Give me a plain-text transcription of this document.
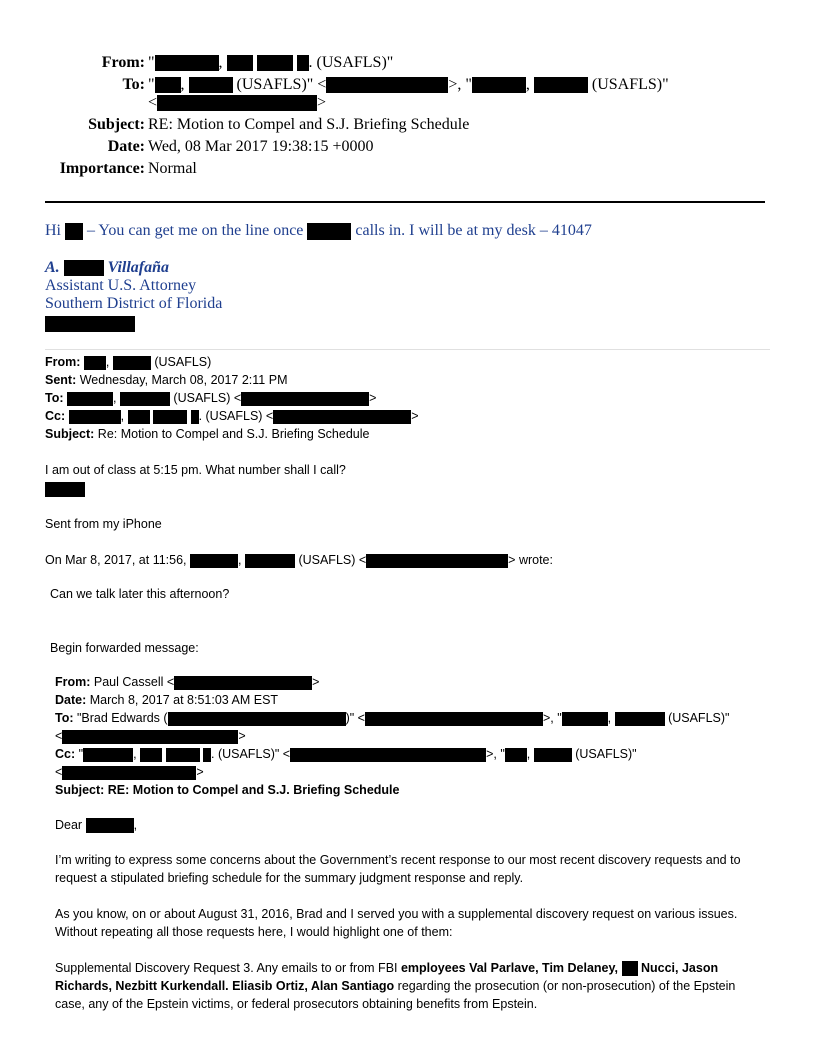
From: "	,	. (USAFLS)"
To: " ,	(USAFLS)" <	>, "	,	(USAFLS)"
<	>
Subject: RE: Motion to Compel and S.J. Briefing Schedule
Date: Wed, 08 Mar 2017 19:38:15 +0000
Importance: Normal
Hi  – You can get me on the line once	calls in. I will be at my desk – 41047
A.	Villafaña
Assistant U.S. Attorney
Southern District of Florida
From: ,	(USAFLS)
Sent: Wednesday, March 08, 2017 2:11 PM
To:	,	(USAFLS) <	>
Cc:	,	. (USAFLS) <	>
Subject: Re: Motion to Compel and S.J. Briefing Schedule
I am out of class at 5:15 pm. What number shall I call?
Sent from my iPhone
On Mar 8, 2017, at 11:56,	,	(USAFLS) <	> wrote:
Can we talk later this afternoon?
Begin forwarded message:
From: Paul Cassell <	>
Date: March 8, 2017 at 8:51:03 AM EST
To: "Brad Edwards (	)" <	>, "	,	(USAFLS)"
<	>
Cc: "	,	. (USAFLS)" <	>, " ,	(USAFLS)"
<	>
Subject: RE: Motion to Compel and S.J. Briefing Schedule
Dear	,
I’m writing to express some concerns about the Government’s recent response to our most recent discovery requests and to request a stipulated briefing schedule for the summary judgment response and reply.
As you know, on or about August 31, 2016, Brad and I served you with a supplemental discovery request on various issues. Without repeating all those requests here, I would highlight one of them:
Supplemental Discovery Request 3. Any emails to or from FBI employees Val Parlave, Tim Delaney, Nucci, Jason Richards, Nezbitt Kurkendall. Eliasib Ortiz, Alan Santiago regarding the prosecution (or non-prosecution) of the Epstein case, any of the Epstein victims, or federal prosecutors obtaining benefits from Epstein.
